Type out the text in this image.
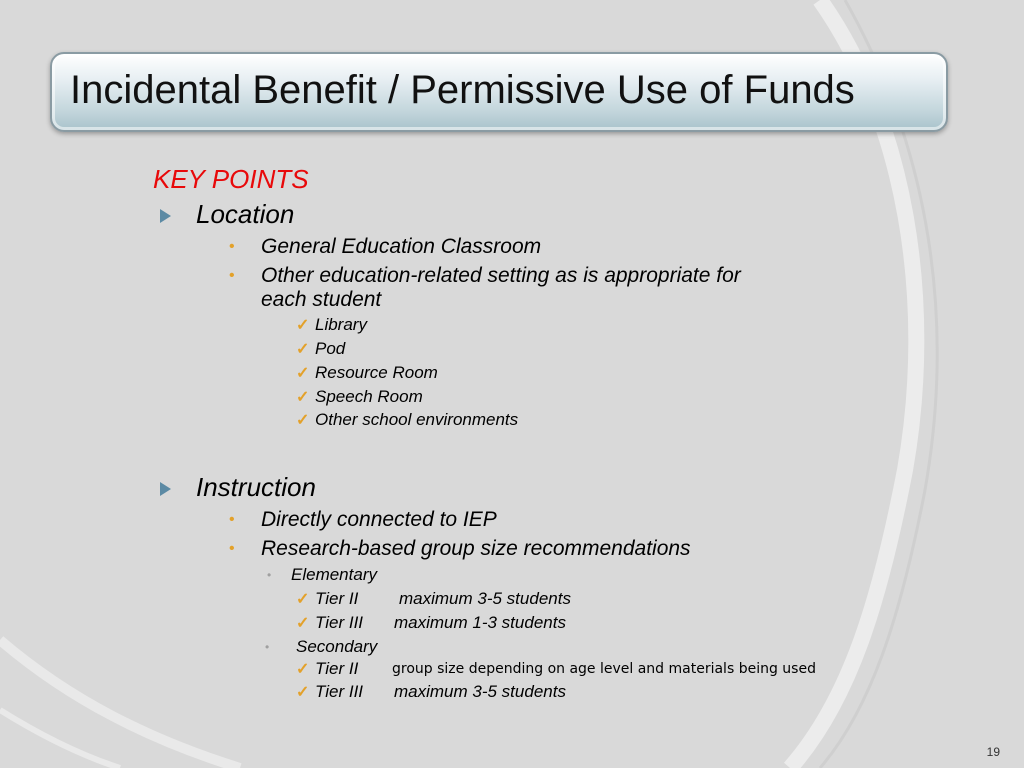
Incidental Benefit / Permissive Use of Funds
KEY POINTS
Location
• General Education Classroom
• Other education-related setting as is appropriate for
each student
✓ Library
✓ Pod
✓ Resource Room
✓ Speech Room
✓ Other school environments
Instruction
• Directly connected to IEP
• Research-based group size recommendations
• Elementary
✓ Tier II maximum 3-5 students
✓ Tier III maximum 1-3 students
• Secondary
✓ Tier II group size depending on age level and materials being used
✓ Tier III maximum 3-5 students
19
